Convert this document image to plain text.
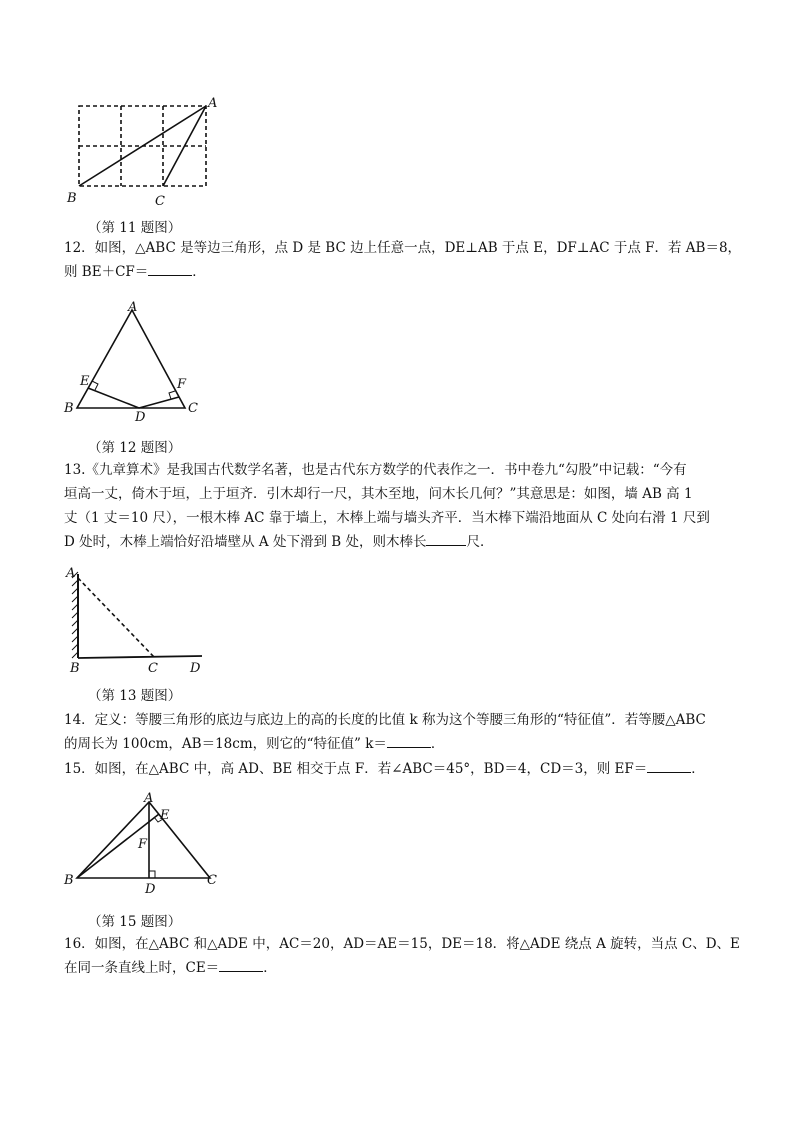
A
B	C
（第 11 题图）

12．如图，△ABC 是等边三角形，点 D 是 BC 边上任意一点，DE⊥AB 于点 E，DF⊥AC 于点 F．若 AB＝8，

则 BE＋CF＝	．

A
B	C
D
E	F
（第 12 题图）

13.《九章算术》是我国古代数学名著，也是古代东方数学的代表作之一．书中卷九“勾股”中记载：“今有

垣高一丈，倚木于垣，上于垣齐．引木却行一尺，其木至地，问木长几何？”其意思是：如图，墙 AB 高 1

丈（1 丈＝10 尺），一根木棒 AC 靠于墙上，木棒上端与墙头齐平．当木棒下端沿地面从 C 处向右滑 1 尺到

D 处时，木棒上端恰好沿墙壁从 A 处下滑到 B 处，则木棒长	尺．

A
B	C D
（第 13 题图）

14．定义：等腰三角形的底边与底边上的高的长度的比值 k 称为这个等腰三角形的“特征值”．若等腰△ABC

的周长为 100cm，AB＝18cm，则它的“特征值” k＝	．

15．如图，在△ABC 中，高 AD、BE 相交于点 F．若∠ABC＝45°，BD＝4，CD＝3，则 EF＝	．

A
E
F
B	C
D
（第 15 题图）

16．如图，在△ABC 和△ADE 中，AC＝20，AD＝AE＝15，DE＝18．将△ADE 绕点 A 旋转，当点 C、D、E

在同一条直线上时，CE＝	．
